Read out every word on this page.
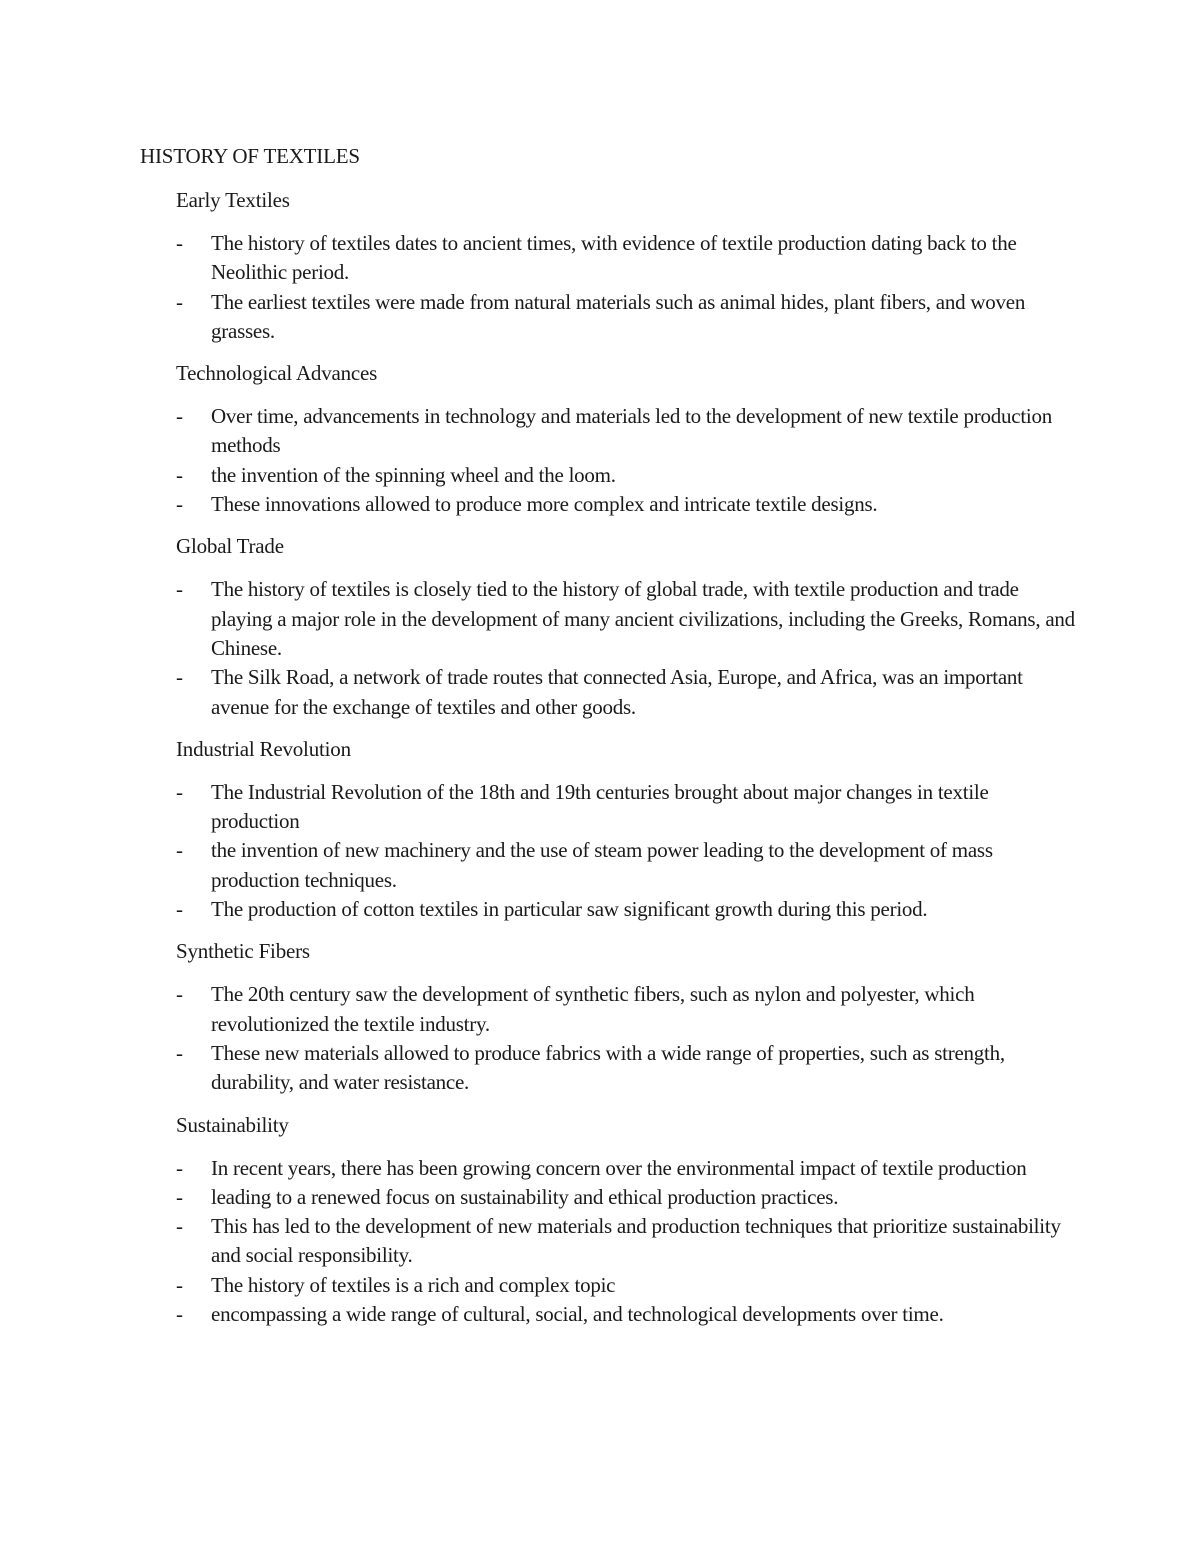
HISTORY OF TEXTILES
Early Textiles
- The history of textiles dates to ancient times, with evidence of textile production dating back to the Neolithic period.
- The earliest textiles were made from natural materials such as animal hides, plant fibers, and woven grasses.
Technological Advances
- Over time, advancements in technology and materials led to the development of new textile production methods
- the invention of the spinning wheel and the loom.
- These innovations allowed to produce more complex and intricate textile designs.
Global Trade
- The history of textiles is closely tied to the history of global trade, with textile production and trade playing a major role in the development of many ancient civilizations, including the Greeks, Romans, and Chinese.
- The Silk Road, a network of trade routes that connected Asia, Europe, and Africa, was an important avenue for the exchange of textiles and other goods.
Industrial Revolution
- The Industrial Revolution of the 18th and 19th centuries brought about major changes in textile production
- the invention of new machinery and the use of steam power leading to the development of mass production techniques.
- The production of cotton textiles in particular saw significant growth during this period.
Synthetic Fibers
- The 20th century saw the development of synthetic fibers, such as nylon and polyester, which revolutionized the textile industry.
- These new materials allowed to produce fabrics with a wide range of properties, such as strength, durability, and water resistance.
Sustainability
- In recent years, there has been growing concern over the environmental impact of textile production
- leading to a renewed focus on sustainability and ethical production practices.
- This has led to the development of new materials and production techniques that prioritize sustainability and social responsibility.
- The history of textiles is a rich and complex topic
- encompassing a wide range of cultural, social, and technological developments over time.
